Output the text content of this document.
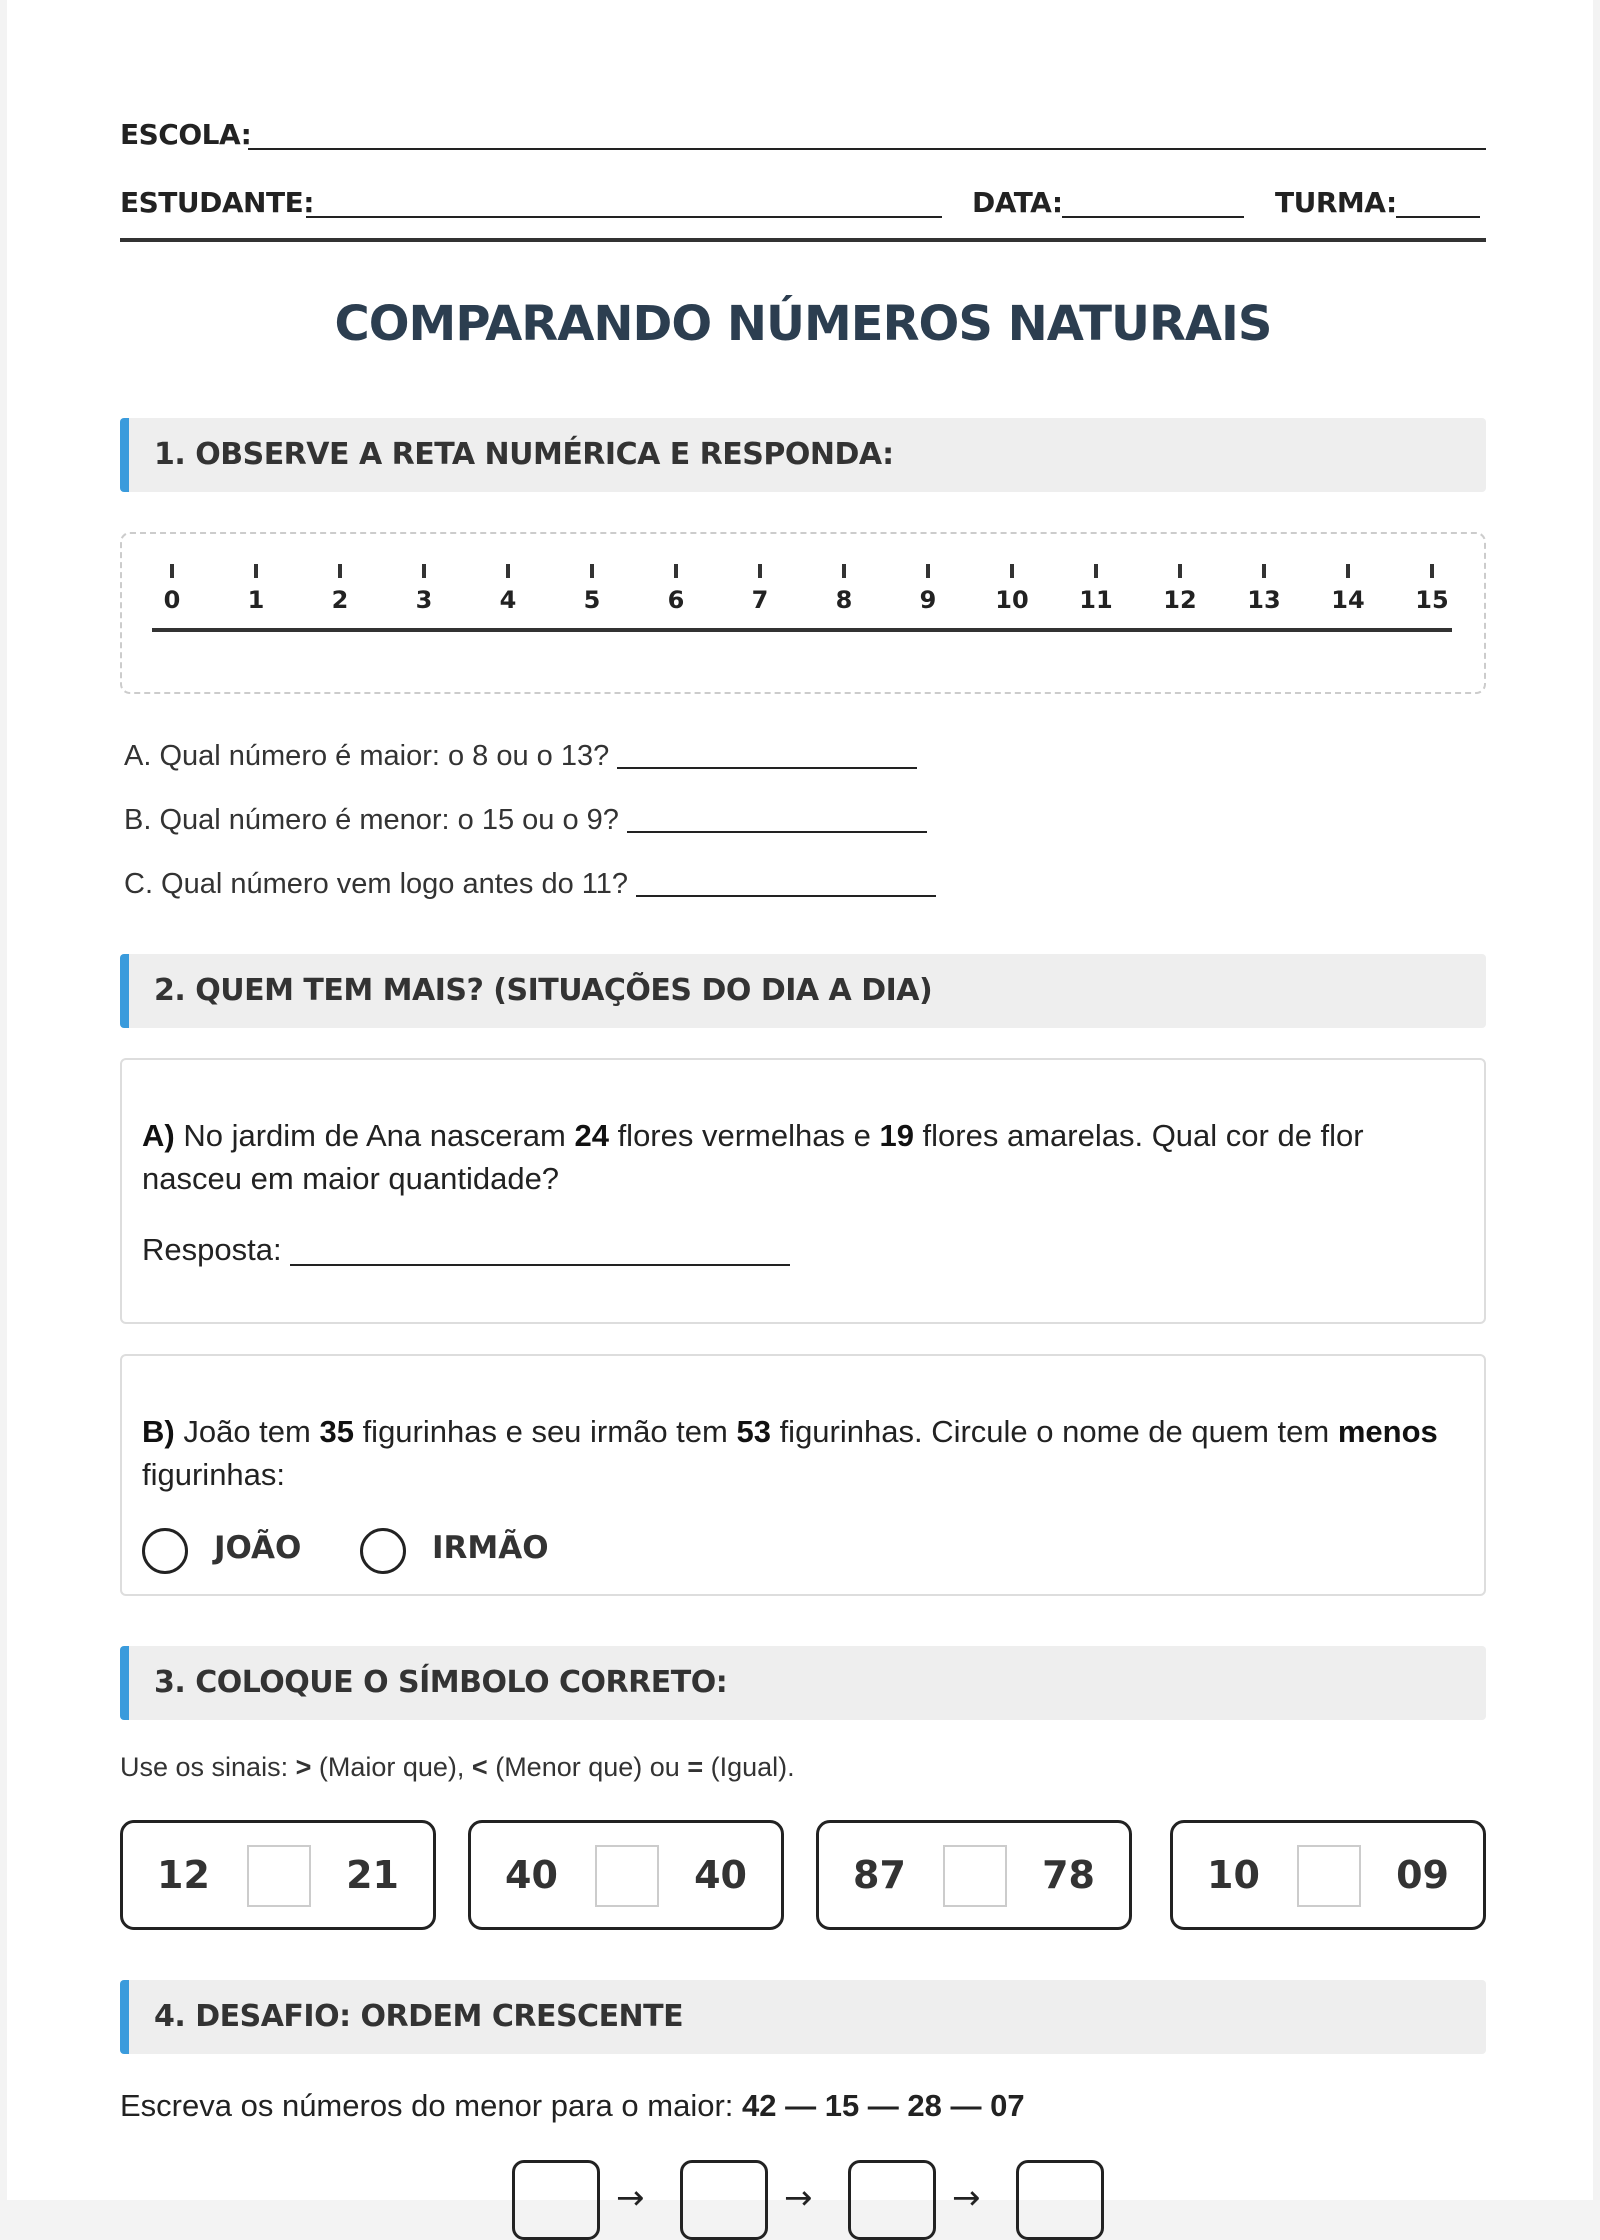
ESCOLA:
ESTUDANTE:	DATA:	TURMA:
COMPARANDO NÚMEROS NATURAIS
1. OBSERVE A RETA NUMÉRICA E RESPONDA:
0	1	2	3	4	5	6	7	8	9	10	11	12	13	14	15
A. Qual número é maior: o 8 ou o 13?
B. Qual número é menor: o 15 ou o 9?
C. Qual número vem logo antes do 11?
2. QUEM TEM MAIS? (SITUAÇÕES DO DIA A DIA)
A) No jardim de Ana nasceram 24 flores vermelhas e 19 flores amarelas. Qual cor de flor nasceu em maior quantidade?
Resposta:
B) João tem 35 figurinhas e seu irmão tem 53 figurinhas. Circule o nome de quem tem menos figurinhas:
JOÃO	IRMÃO
3. COLOQUE O SÍMBOLO CORRETO:
Use os sinais: > (Maior que), < (Menor que) ou = (Igual).
12	21	40	40	87	78	10	09
4. DESAFIO: ORDEM CRESCENTE
Escreva os números do menor para o maior: 42 — 15 — 28 — 07
→	→	→
